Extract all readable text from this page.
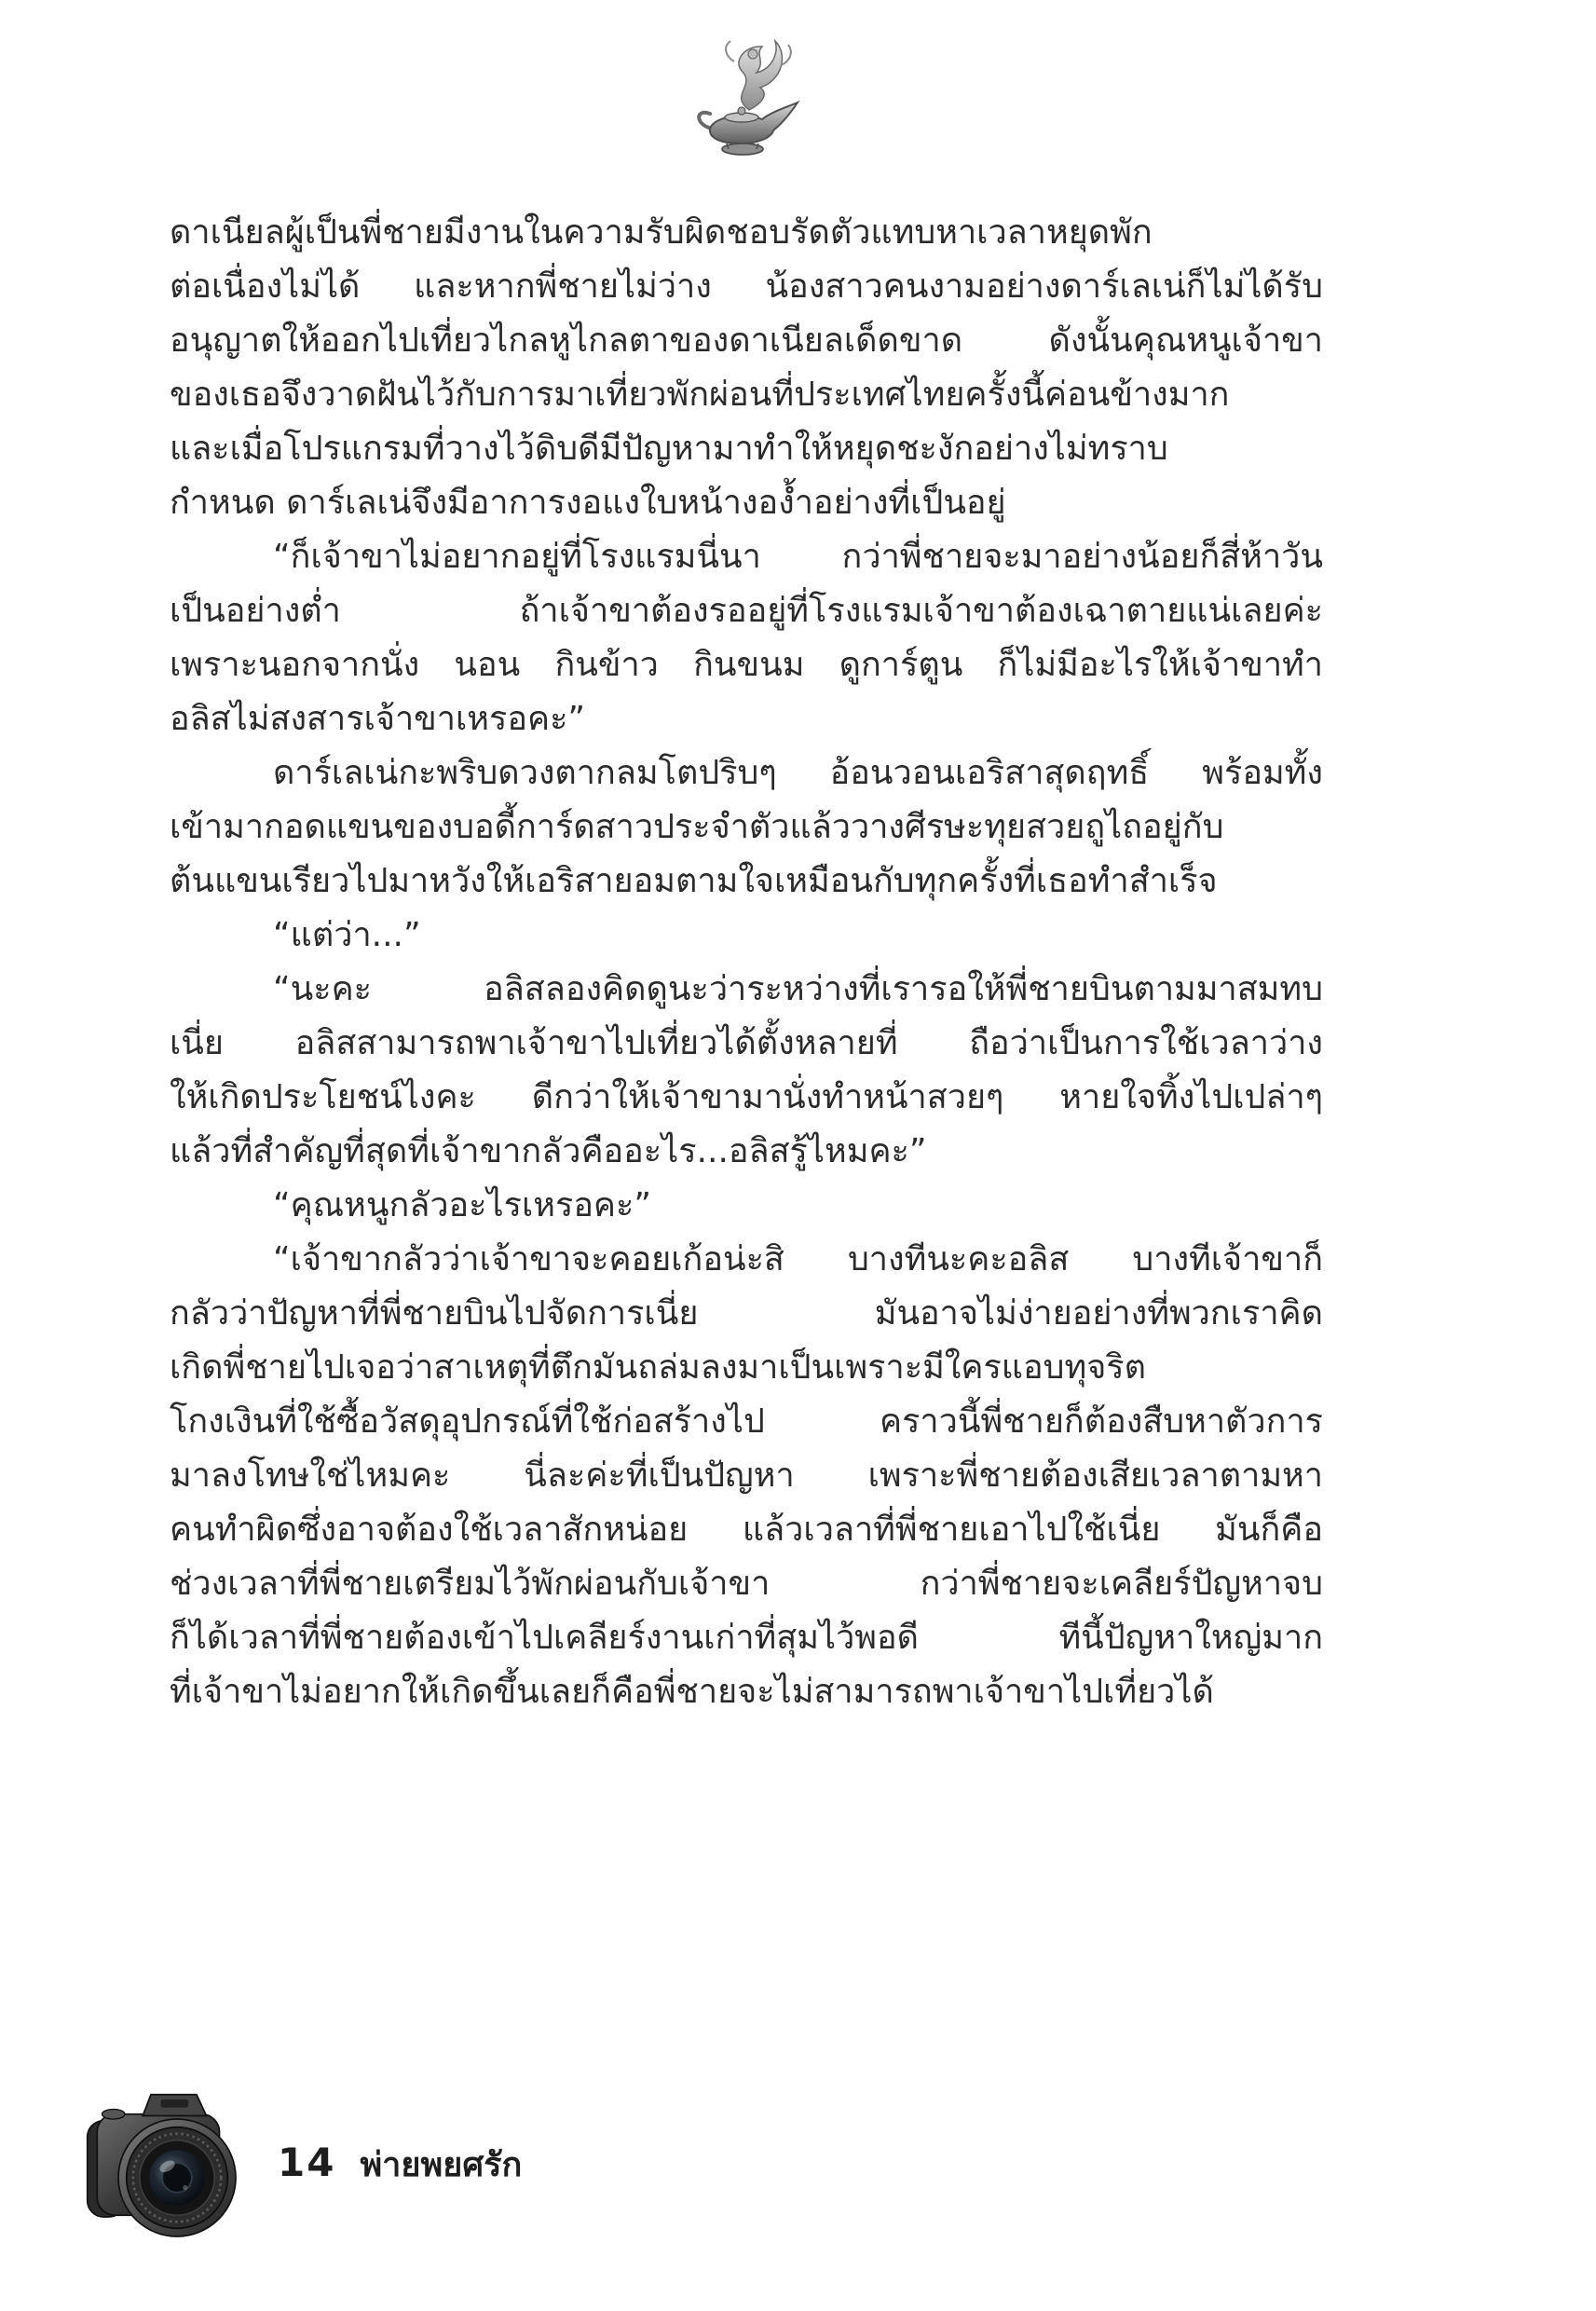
ดาเนียลผู้เป็นพี่ชายมีงานในความรับผิดชอบรัดตัวแทบหาเวลาหยุดพัก
ต่อเนื่องไม่ได้ และหากพี่ชายไม่ว่าง น้องสาวคนงามอย่างดาร์เลเน่ก็ไม่ได้รับ
อนุญาตให้ออกไปเที่ยวไกลหูไกลตาของดาเนียลเด็ดขาด ดังนั้นคุณหนูเจ้าขา
ของเธอจึงวาดฝันไว้กับการมาเที่ยวพักผ่อนที่ประเทศไทยครั้งนี้ค่อนข้างมาก
และเมื่อโปรแกรมที่วางไว้ดิบดีมีปัญหามาทำให้หยุดชะงักอย่างไม่ทราบ
กำหนด ดาร์เลเน่จึงมีอาการงอแงใบหน้างอง้ำอย่างที่เป็นอยู่
“ก็เจ้าขาไม่อยากอยู่ที่โรงแรมนี่นา กว่าพี่ชายจะมาอย่างน้อยก็สี่ห้าวัน
เป็นอย่างต่ำ ถ้าเจ้าขาต้องรออยู่ที่โรงแรมเจ้าขาต้องเฉาตายแน่เลยค่ะ
เพราะนอกจากนั่ง นอน กินข้าว กินขนม ดูการ์ตูน ก็ไม่มีอะไรให้เจ้าขาทำ
อลิสไม่สงสารเจ้าขาเหรอคะ”
ดาร์เลเน่กะพริบดวงตากลมโตปริบๆ อ้อนวอนเอริสาสุดฤทธิ์ พร้อมทั้ง
เข้ามากอดแขนของบอดี้การ์ดสาวประจำตัวแล้ววางศีรษะทุยสวยถูไถอยู่กับ
ต้นแขนเรียวไปมาหวังให้เอริสายอมตามใจเหมือนกับทุกครั้งที่เธอทำสำเร็จ
“แต่ว่า...”
“นะคะ อลิสลองคิดดูนะว่าระหว่างที่เรารอให้พี่ชายบินตามมาสมทบ
เนี่ย อลิสสามารถพาเจ้าขาไปเที่ยวได้ตั้งหลายที่ ถือว่าเป็นการใช้เวลาว่าง
ให้เกิดประโยชน์ไงคะ ดีกว่าให้เจ้าขามานั่งทำหน้าสวยๆ หายใจทิ้งไปเปล่าๆ
แล้วที่สำคัญที่สุดที่เจ้าขากลัวคืออะไร...อลิสรู้ไหมคะ”
“คุณหนูกลัวอะไรเหรอคะ”
“เจ้าขากลัวว่าเจ้าขาจะคอยเก้อน่ะสิ บางทีนะคะอลิส บางทีเจ้าขาก็
กลัวว่าปัญหาที่พี่ชายบินไปจัดการเนี่ย มันอาจไม่ง่ายอย่างที่พวกเราคิด
เกิดพี่ชายไปเจอว่าสาเหตุที่ตึกมันถล่มลงมาเป็นเพราะมีใครแอบทุจริต
โกงเงินที่ใช้ซื้อวัสดุอุปกรณ์ที่ใช้ก่อสร้างไป คราวนี้พี่ชายก็ต้องสืบหาตัวการ
มาลงโทษใช่ไหมคะ นี่ละค่ะที่เป็นปัญหา เพราะพี่ชายต้องเสียเวลาตามหา
คนทำผิดซึ่งอาจต้องใช้เวลาสักหน่อย แล้วเวลาที่พี่ชายเอาไปใช้เนี่ย มันก็คือ
ช่วงเวลาที่พี่ชายเตรียมไว้พักผ่อนกับเจ้าขา กว่าพี่ชายจะเคลียร์ปัญหาจบ
ก็ได้เวลาที่พี่ชายต้องเข้าไปเคลียร์งานเก่าที่สุมไว้พอดี ทีนี้ปัญหาใหญ่มาก
ที่เจ้าขาไม่อยากให้เกิดขึ้นเลยก็คือพี่ชายจะไม่สามารถพาเจ้าขาไปเที่ยวได้
14 พ่ายพยศรัก
